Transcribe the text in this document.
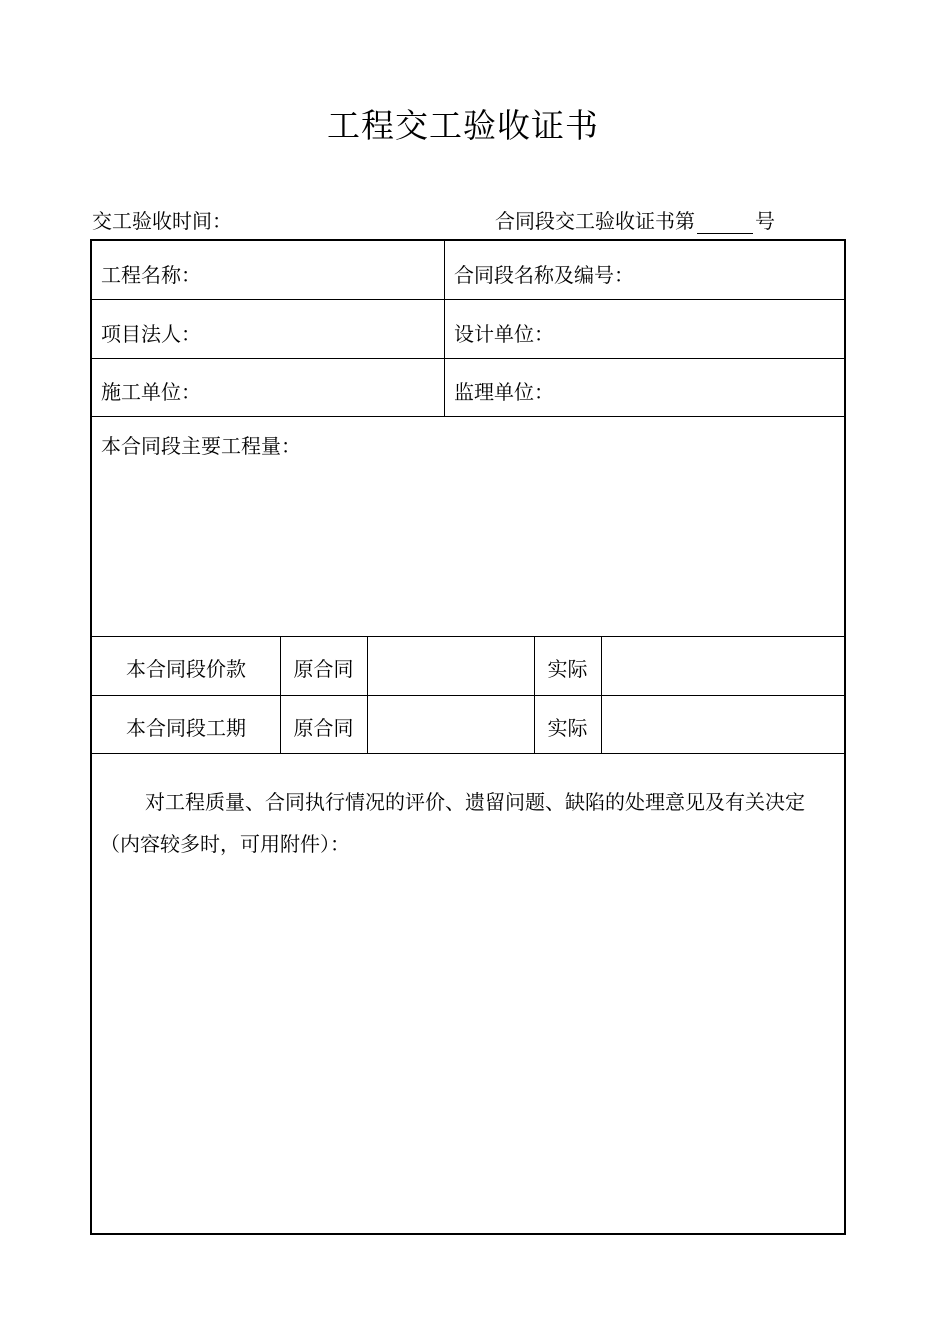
工程交工验收证书
交工验收时间：	合同段交工验收证书第	号
工程名称：	合同段名称及编号：
项目法人：	设计单位：
施工单位：	监理单位：
本合同段主要工程量：
本合同段价款	原合同	实际
本合同段工期	原合同	实际
对工程质量、合同执行情况的评价、遗留问题、缺陷的处理意见及有关决定（内容较多时，可用附件）：
